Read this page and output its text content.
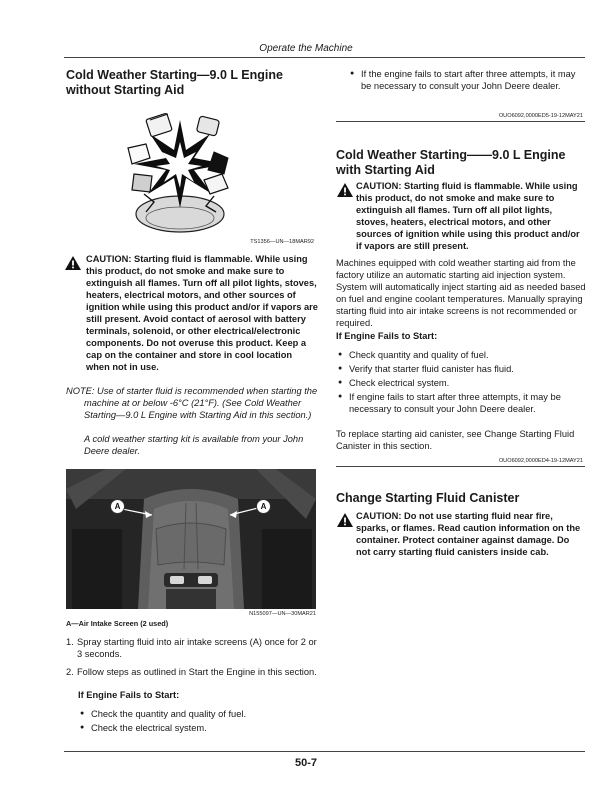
Operate the Machine
Cold Weather Starting—9.0 L Engine without Starting Aid
TS1356—UN—18MAR92
CAUTION: Starting fluid is flammable. While using this product, do not smoke and make sure to extinguish all flames. Turn off all pilot lights, stoves, heaters, electrical motors, and other sources of ignition while using this product and/or if vapors are still present. Avoid contact of aerosol with battery terminals, solenoid, or other electrical/electronic components. Do not overuse this product. Keep a cap on the container and store in cool location when not in use.
NOTE: Use of starter fluid is recommended when starting the machine at or below -6°C (21°F). (See Cold Weather Starting—9.0 L Engine with Starting Aid in this section.)
A cold weather starting kit is available from your John Deere dealer.
A	A
N155097—UN—30MAR21
A—Air Intake Screen (2 used)
1. Spray starting fluid into air intake screens (A) once for 2 or 3 seconds.
2. Follow steps as outlined in Start the Engine in this section.
If Engine Fails to Start:
● Check the quantity and quality of fuel.
● Check the electrical system.
● If the engine fails to start after three attempts, it may be necessary to consult your John Deere dealer.
OUO6092,0000ED5-19-12MAY21
Cold Weather Starting——9.0 L Engine with Starting Aid
CAUTION: Starting fluid is flammable. While using this product, do not smoke and make sure to extinguish all flames. Turn off all pilot lights, stoves, heaters, electrical motors, and other sources of ignition while using this product and/or if vapors are still present.
Machines equipped with cold weather starting aid from the factory utilize an automatic starting aid injection system. System will automatically inject starting aid as needed based on fuel and engine coolant temperatures. Manually spraying starting fluid into air intake screens is not recommended or required.
If Engine Fails to Start:
● Check quantity and quality of fuel.
● Verify that starter fluid canister has fluid.
● Check electrical system.
● If engine fails to start after three attempts, it may be necessary to consult your John Deere dealer.
To replace starting aid canister, see Change Starting Fluid Canister in this section.
OUO6092,0000ED4-19-12MAY21
Change Starting Fluid Canister
CAUTION: Do not use starting fluid near fire, sparks, or flames. Read caution information on the container. Protect container against damage. Do not carry starting fluid canisters inside cab.
50-7
